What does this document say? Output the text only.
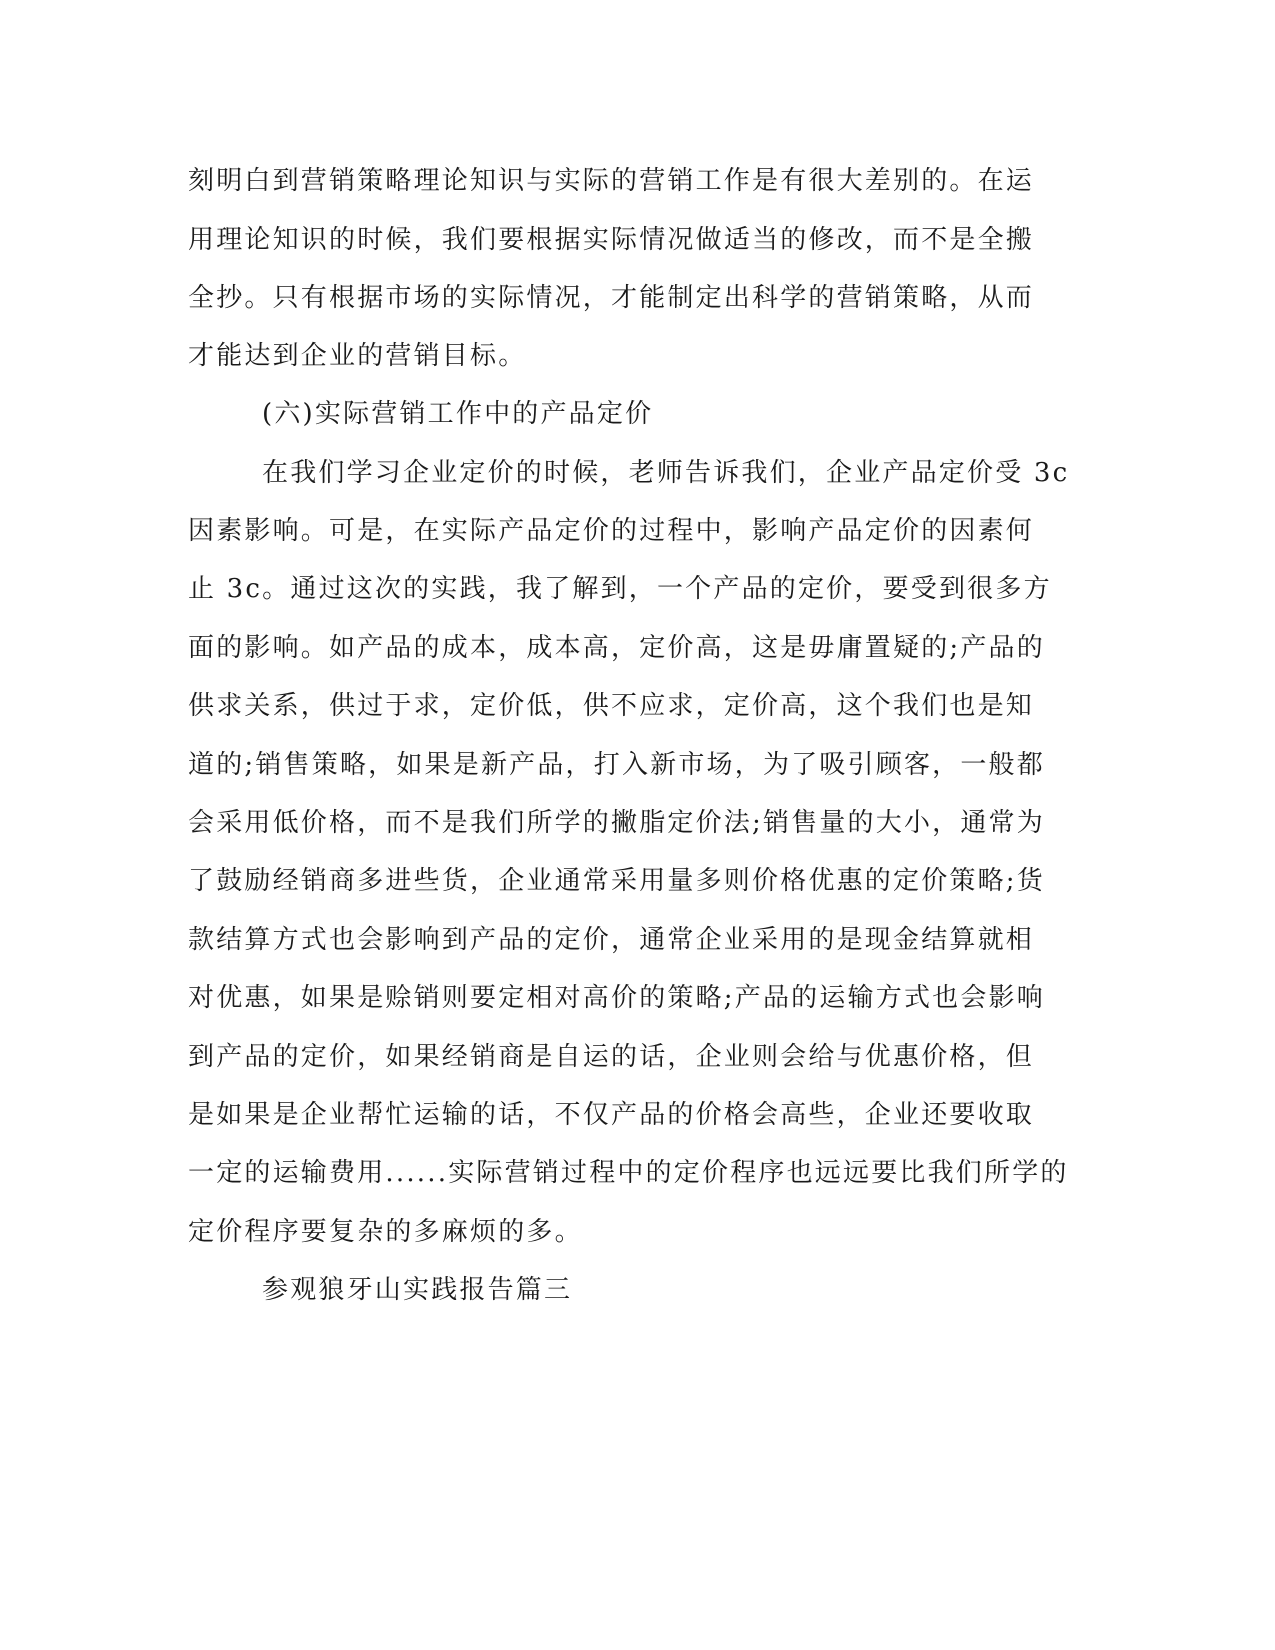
刻明白到营销策略理论知识与实际的营销工作是有很大差别的。在运
用理论知识的时候，我们要根据实际情况做适当的修改，而不是全搬
全抄。只有根据市场的实际情况，才能制定出科学的营销策略，从而
才能达到企业的营销目标。
(六)实际营销工作中的产品定价
在我们学习企业定价的时候，老师告诉我们，企业产品定价受 3c
因素影响。可是，在实际产品定价的过程中，影响产品定价的因素何
止 3c。通过这次的实践，我了解到，一个产品的定价，要受到很多方
面的影响。如产品的成本，成本高，定价高，这是毋庸置疑的;产品的
供求关系，供过于求，定价低，供不应求，定价高，这个我们也是知
道的;销售策略，如果是新产品，打入新市场，为了吸引顾客，一般都
会采用低价格，而不是我们所学的撇脂定价法;销售量的大小，通常为
了鼓励经销商多进些货，企业通常采用量多则价格优惠的定价策略;货
款结算方式也会影响到产品的定价，通常企业采用的是现金结算就相
对优惠，如果是赊销则要定相对高价的策略;产品的运输方式也会影响
到产品的定价，如果经销商是自运的话，企业则会给与优惠价格，但
是如果是企业帮忙运输的话，不仅产品的价格会高些，企业还要收取
一定的运输费用......实际营销过程中的定价程序也远远要比我们所学的
定价程序要复杂的多麻烦的多。
参观狼牙山实践报告篇三
